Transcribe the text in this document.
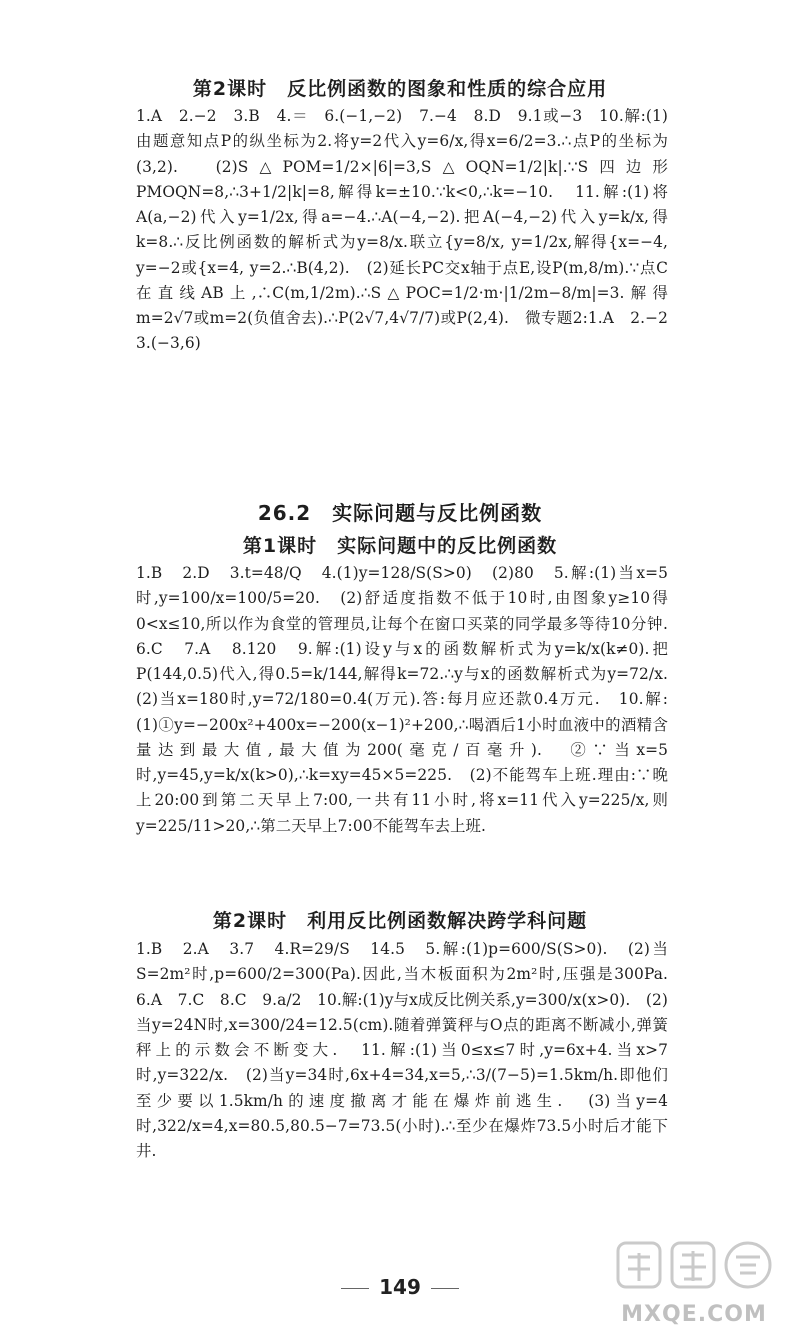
第2课时　反比例函数的图象和性质的综合应用
1.A　2.−2　3.B　4.＝　6.(−1,−2)　7.−4　8.D　9.1或−3　10.解:(1)由题意知点P的纵坐标为2.将y=2代入y=6/x,得x=6/2=3.∴点P的坐标为(3,2).　(2)S△POM=1/2×|6|=3,S△OQN=1/2|k|.∵S四边形PMOQN=8,∴3+1/2|k|=8,解得k=±10.∵k<0,∴k=−10.　11.解:(1)将A(a,−2)代入y=1/2x,得a=−4.∴A(−4,−2).把A(−4,−2)代入y=k/x,得k=8.∴反比例函数的解析式为y=8/x.联立{y=8/x, y=1/2x,解得{x=−4, y=−2或{x=4, y=2.∴B(4,2).　(2)延长PC交x轴于点E,设P(m,8/m).∵点C在直线AB上,∴C(m,1/2m).∴S△POC=1/2·m·|1/2m−8/m|=3.解得m=2√7或m=2(负值舍去).∴P(2√7,4√7/7)或P(2,4).　微专题2:1.A　2.−2　3.(−3,6)
26.2　实际问题与反比例函数
第1课时　实际问题中的反比例函数
1.B　2.D　3.t=48/Q　4.(1)y=128/S(S>0)　(2)80　5.解:(1)当x=5时,y=100/x=100/5=20.　(2)舒适度指数不低于10时,由图象y≥10得0<x≤10,所以作为食堂的管理员,让每个在窗口买菜的同学最多等待10分钟.　6.C　7.A　8.120　9.解:(1)设y与x的函数解析式为y=k/x(k≠0).把P(144,0.5)代入,得0.5=k/144,解得k=72.∴y与x的函数解析式为y=72/x.　(2)当x=180时,y=72/180=0.4(万元).答:每月应还款0.4万元.　10.解:(1)①y=−200x²+400x=−200(x−1)²+200,∴喝酒后1小时血液中的酒精含量达到最大值,最大值为200(毫克/百毫升).　②∵当x=5时,y=45,y=k/x(k>0),∴k=xy=45×5=225.　(2)不能驾车上班.理由:∵晚上20:00到第二天早上7:00,一共有11小时,将x=11代入y=225/x,则y=225/11>20,∴第二天早上7:00不能驾车去上班.
第2课时　利用反比例函数解决跨学科问题
1.B　2.A　3.7　4.R=29/S　14.5　5.解:(1)p=600/S(S>0).　(2)当S=2m²时,p=600/2=300(Pa).因此,当木板面积为2m²时,压强是300Pa.　6.A　7.C　8.C　9.a/2　10.解:(1)y与x成反比例关系,y=300/x(x>0).　(2)当y=24N时,x=300/24=12.5(cm).随着弹簧秤与O点的距离不断减小,弹簧秤上的示数会不断变大.　11.解:(1)当0≤x≤7时,y=6x+4.当x>7时,y=322/x.　(2)当y=34时,6x+4=34,x=5,∴3/(7−5)=1.5km/h.即他们至少要以1.5km/h的速度撤离才能在爆炸前逃生.　(3)当y=4时,322/x=4,x=80.5,80.5−7=73.5(小时).∴至少在爆炸73.5小时后才能下井.
149
MXQE.COM
